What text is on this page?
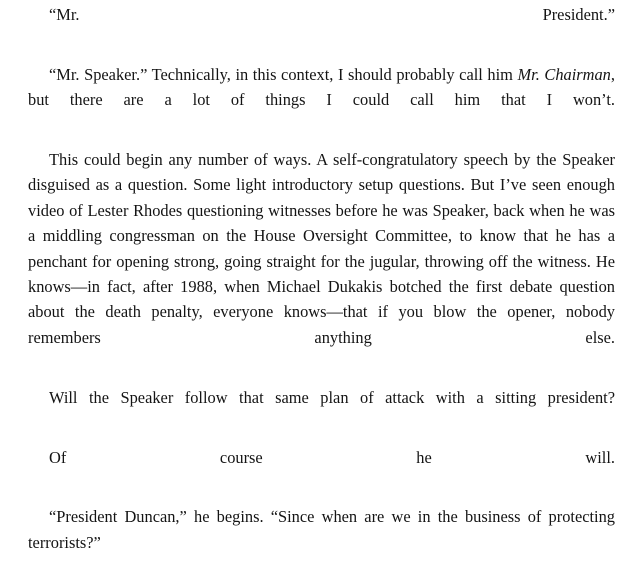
“Mr. President.”

“Mr. Speaker.” Technically, in this context, I should probably call him Mr. Chairman, but there are a lot of things I could call him that I won’t.

This could begin any number of ways. A self-congratulatory speech by the Speaker disguised as a question. Some light introductory setup questions. But I’ve seen enough video of Lester Rhodes questioning witnesses before he was Speaker, back when he was a middling congressman on the House Oversight Committee, to know that he has a penchant for opening strong, going straight for the jugular, throwing off the witness. He knows—in fact, after 1988, when Michael Dukakis botched the first debate question about the death penalty, everyone knows—that if you blow the opener, nobody remembers anything else.

Will the Speaker follow that same plan of attack with a sitting president?

Of course he will.

“President Duncan,” he begins. “Since when are we in the business of protecting terrorists?”
